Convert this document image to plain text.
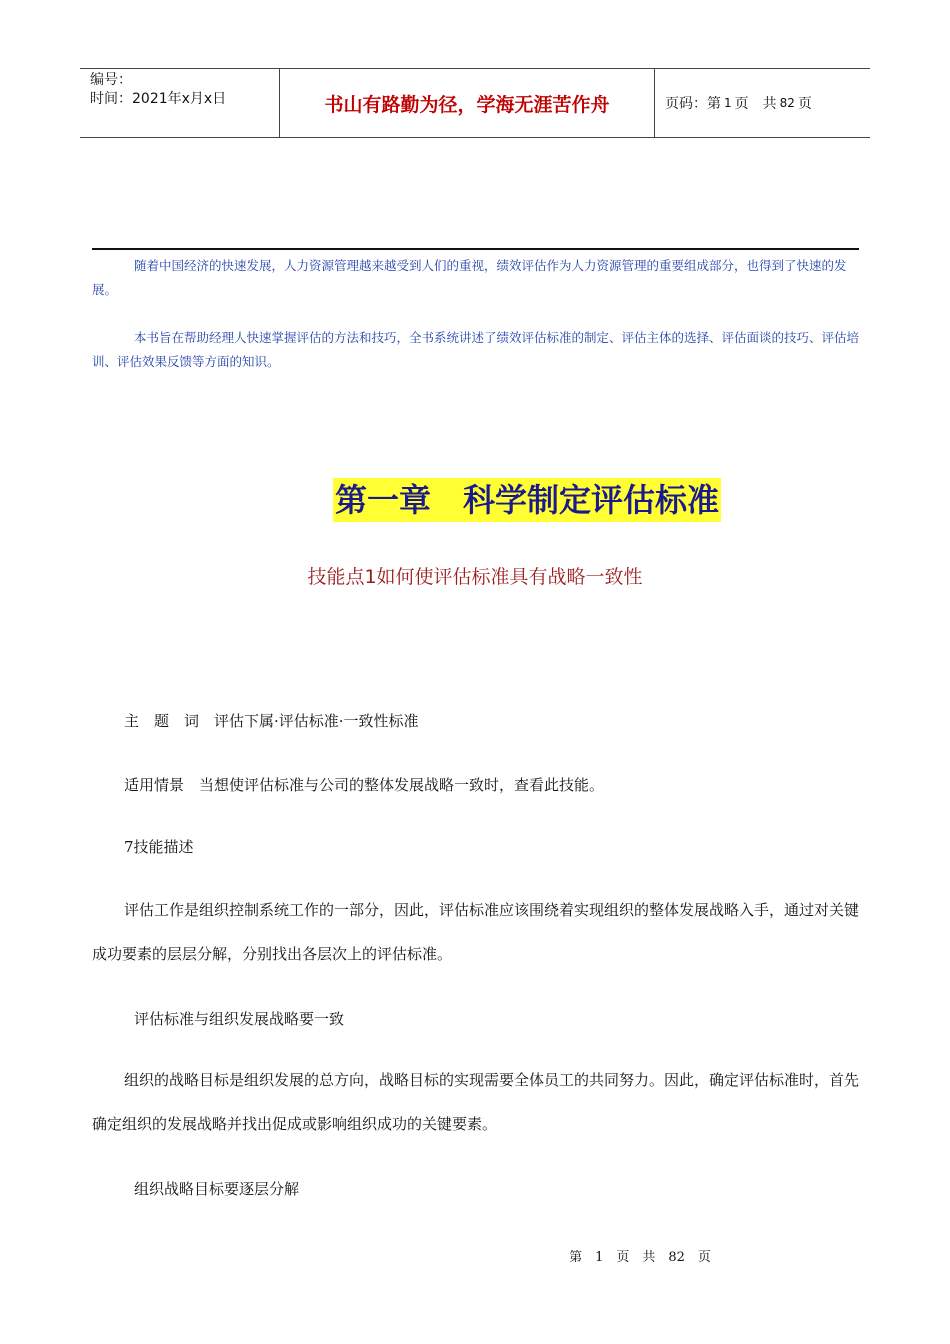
编号：
时间：2021年x月x日	书山有路勤为径，学海无涯苦作舟	页码：第 1 页　共 82 页

随着中国经济的快速发展，人力资源管理越来越受到人们的重视，绩效评估作为人力资源管理的重要组成部分，也得到了快速的发展。

本书旨在帮助经理人快速掌握评估的方法和技巧，全书系统讲述了绩效评估标准的制定、评估主体的选择、评估面谈的技巧、评估培训、评估效果反馈等方面的知识。

第一章　科学制定评估标准
技能点1如何使评估标准具有战略一致性

主　题　词　评估下属·评估标准·一致性标准

适用情景　当想使评估标准与公司的整体发展战略一致时，查看此技能。

7技能描述

评估工作是组织控制系统工作的一部分，因此，评估标准应该围绕着实现组织的整体发展战略入手，通过对关键成功要素的层层分解，分别找出各层次上的评估标准。

评估标准与组织发展战略要一致

组织的战略目标是组织发展的总方向，战略目标的实现需要全体员工的共同努力。因此，确定评估标准时，首先确定组织的发展战略并找出促成或影响组织成功的关键要素。

组织战略目标要逐层分解

第　1　页　共　82　页
